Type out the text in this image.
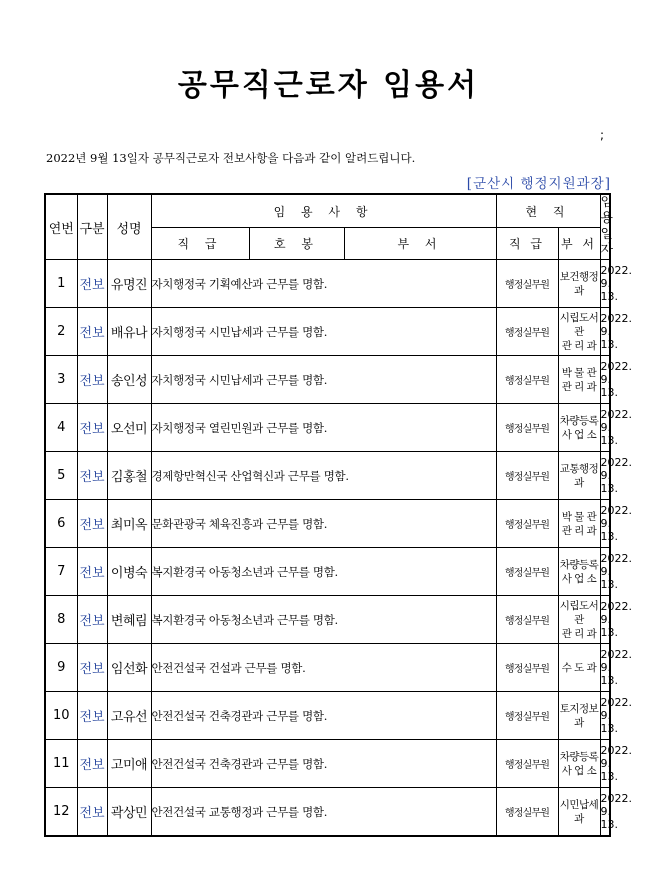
공무직근로자 임용서
;
2022년 9월 13일자 공무직근로자 전보사항을 다음과 같이 알려드립니다.
[군산시 행정지원과장]
연번	구분	성명	임 용 사 항			현 직		임용
일자
			직 급	호 봉	부 서	직 급	부 서	
1	전보	유명진	자치행정국 기획예산과 근무를 명함.			행정실무원	보건행정과	2022.
9. 13.
2	전보	배유나	자치행정국 시민납세과 근무를 명함.			행정실무원	시립도서관
관 리 과	2022.
9. 13.
3	전보	송인성	자치행정국 시민납세과 근무를 명함.			행정실무원	박 물 관
관 리 과	2022.
9. 13.
4	전보	오선미	자치행정국 열린민원과 근무를 명함.			행정실무원	차량등록
사 업 소	2022.
9. 13.
5	전보	김홍철	경제항만혁신국 산업혁신과 근무를 명함.			행정실무원	교통행정과	2022.
9. 13.
6	전보	최미옥	문화관광국 체육진흥과 근무를 명함.			행정실무원	박 물 관
관 리 과	2022.
9. 13.
7	전보	이병숙	복지환경국 아동청소년과 근무를 명함.			행정실무원	차량등록
사 업 소	2022.
9. 13.
8	전보	변혜림	복지환경국 아동청소년과 근무를 명함.			행정실무원	시립도서관
관 리 과	2022.
9. 13.
9	전보	임선화	안전건설국 건설과 근무를 명함.			행정실무원	수 도 과	2022.
9. 13.
10	전보	고유선	안전건설국 건축경관과 근무를 명함.			행정실무원	토지정보과	2022.
9. 13.
11	전보	고미애	안전건설국 건축경관과 근무를 명함.			행정실무원	차량등록
사 업 소	2022.
9. 13.
12	전보	곽상민	안전건설국 교통행정과 근무를 명함.			행정실무원	시민납세과	2022.
9. 13.
